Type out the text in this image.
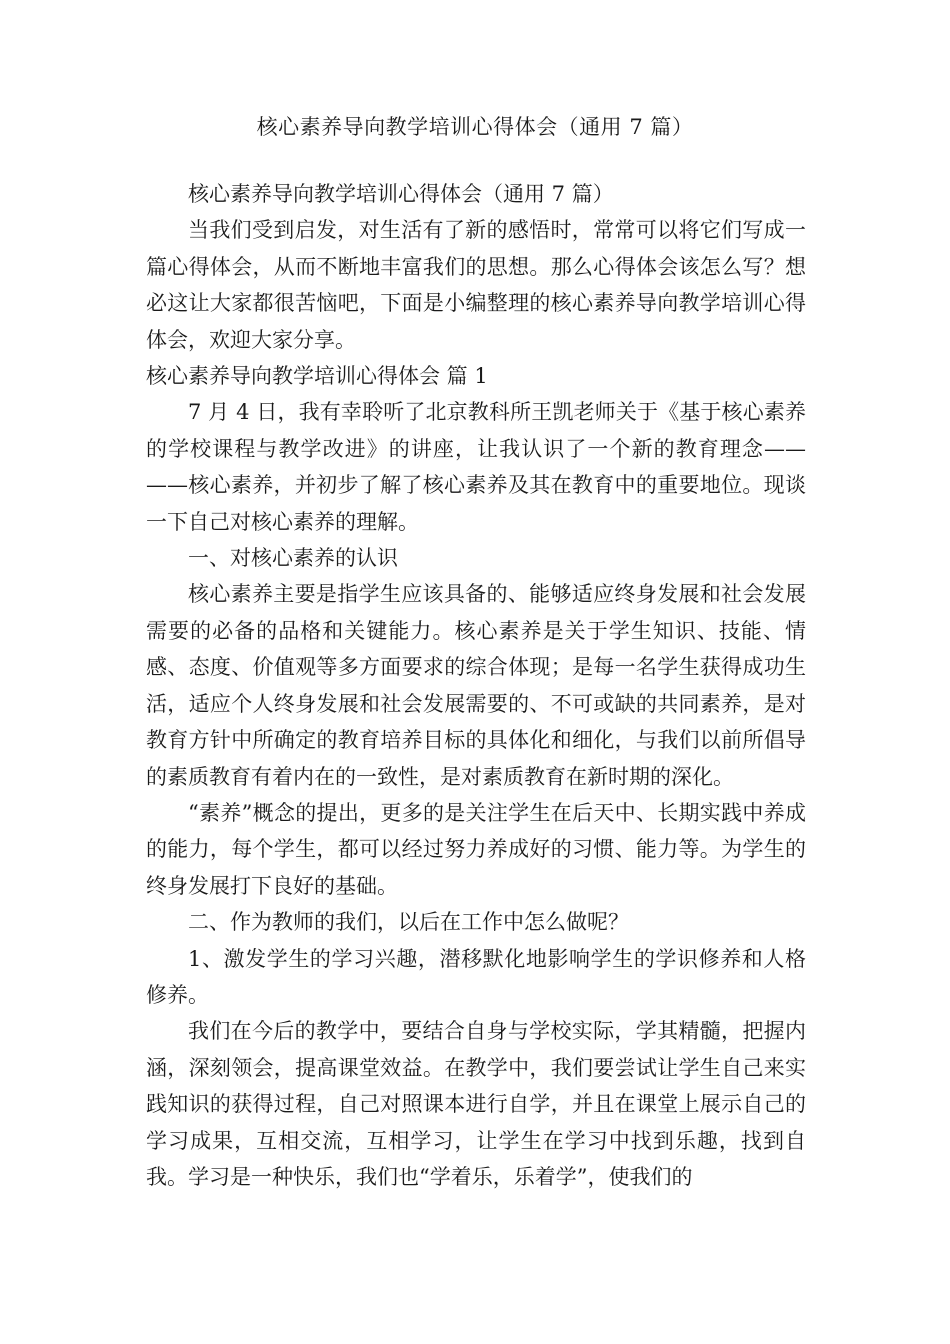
核心素养导向教学培训心得体会（通用 7 篇）

核心素养导向教学培训心得体会（通用 7 篇）

当我们受到启发，对生活有了新的感悟时，常常可以将它们写成一篇心得体会，从而不断地丰富我们的思想。那么心得体会该怎么写？想必这让大家都很苦恼吧，下面是小编整理的核心素养导向教学培训心得体会，欢迎大家分享。

核心素养导向教学培训心得体会 篇 1

7 月 4 日，我有幸聆听了北京教科所王凯老师关于《基于核心素养的学校课程与教学改进》的讲座，让我认识了一个新的教育理念——　——核心素养，并初步了解了核心素养及其在教育中的重要地位。现谈一下自己对核心素养的理解。

一、对核心素养的认识

核心素养主要是指学生应该具备的、能够适应终身发展和社会发展需要的必备的品格和关键能力。核心素养是关于学生知识、技能、情感、态度、价值观等多方面要求的综合体现；是每一名学生获得成功生活，适应个人终身发展和社会发展需要的、不可或缺的共同素养，是对教育方针中所确定的教育培养目标的具体化和细化，与我们以前所倡导的素质教育有着内在的一致性，是对素质教育在新时期的深化。

“素养”概念的提出，更多的是关注学生在后天中、长期实践中养成的能力，每个学生，都可以经过努力养成好的习惯、能力等。为学生的终身发展打下良好的基础。

二、作为教师的我们，以后在工作中怎么做呢？

1、激发学生的学习兴趣，潜移默化地影响学生的学识修养和人格修养。

我们在今后的教学中，要结合自身与学校实际，学其精髓，把握内涵，深刻领会，提高课堂效益。在教学中，我们要尝试让学生自己来实践知识的获得过程，自己对照课本进行自学，并且在课堂上展示自己的学习成果，互相交流，互相学习，让学生在学习中找到乐趣，找到自我。学习是一种快乐，我们也“学着乐，乐着学”，使我们的
